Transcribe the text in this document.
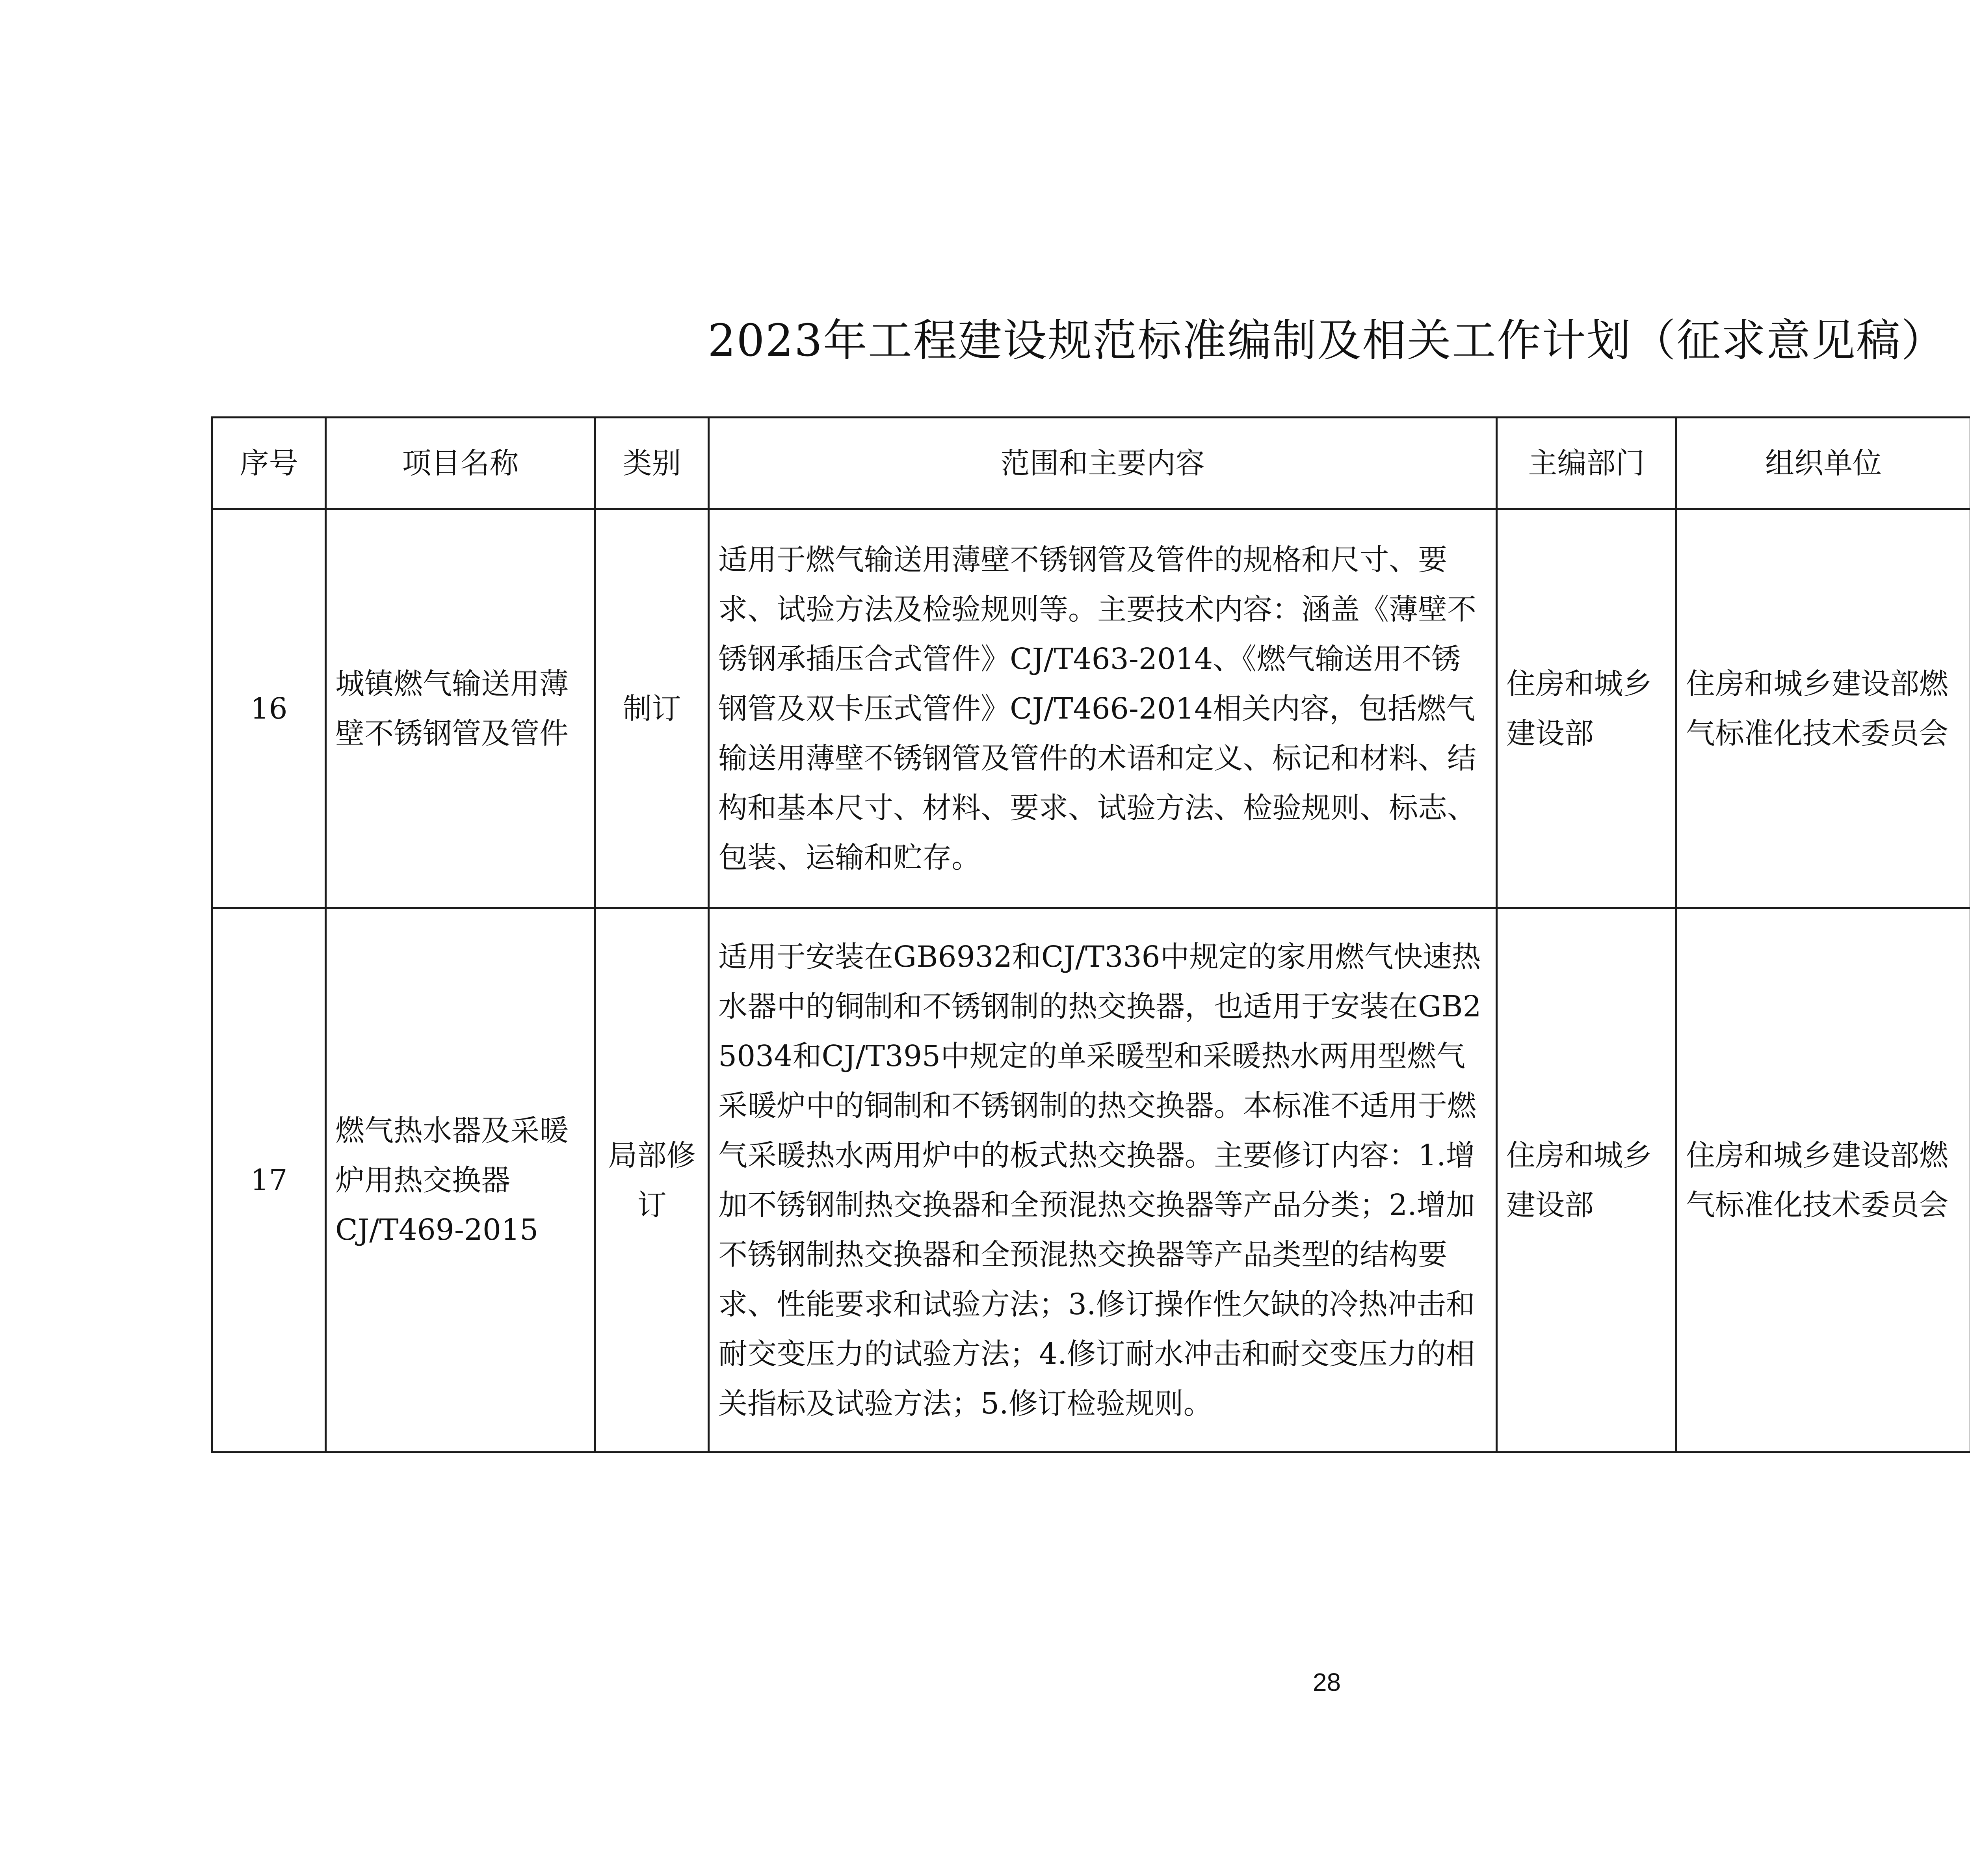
2023年工程建设规范标准编制及相关工作计划（征求意见稿）
序号	项目名称	类别	范围和主要内容	主编部门	组织单位		
16	城镇燃气输送用薄壁不锈钢管及管件	制订	适用于燃气输送用薄壁不锈钢管及管件的规格和尺寸、要求、试验方法及检验规则等。主要技术内容：涵盖《薄壁不锈钢承插压合式管件》CJ/T463-2014、《燃气输送用不锈钢管及双卡压式管件》CJ/T466-2014相关内容，包括燃气输送用薄壁不锈钢管及管件的术语和定义、标记和材料、结构和基本尺寸、材料、要求、试验方法、检验规则、标志、包装、运输和贮存。	住房和城乡建设部	住房和城乡建设部燃气标准化技术委员会		
17	燃气热水器及采暖炉用热交换器CJ/T469-2015	局部修订	适用于安装在GB6932和CJ/T336中规定的家用燃气快速热水器中的铜制和不锈钢制的热交换器，也适用于安装在GB25034和CJ/T395中规定的单采暖型和采暖热水两用型燃气采暖炉中的铜制和不锈钢制的热交换器。本标准不适用于燃气采暖热水两用炉中的板式热交换器。主要修订内容：1.增加不锈钢制热交换器和全预混热交换器等产品分类；2.增加不锈钢制热交换器和全预混热交换器等产品类型的结构要求、性能要求和试验方法；3.修订操作性欠缺的冷热冲击和耐交变压力的试验方法；4.修订耐水冲击和耐交变压力的相关指标及试验方法；5.修订检验规则。	住房和城乡建设部	住房和城乡建设部燃气标准化技术委员会		
28
